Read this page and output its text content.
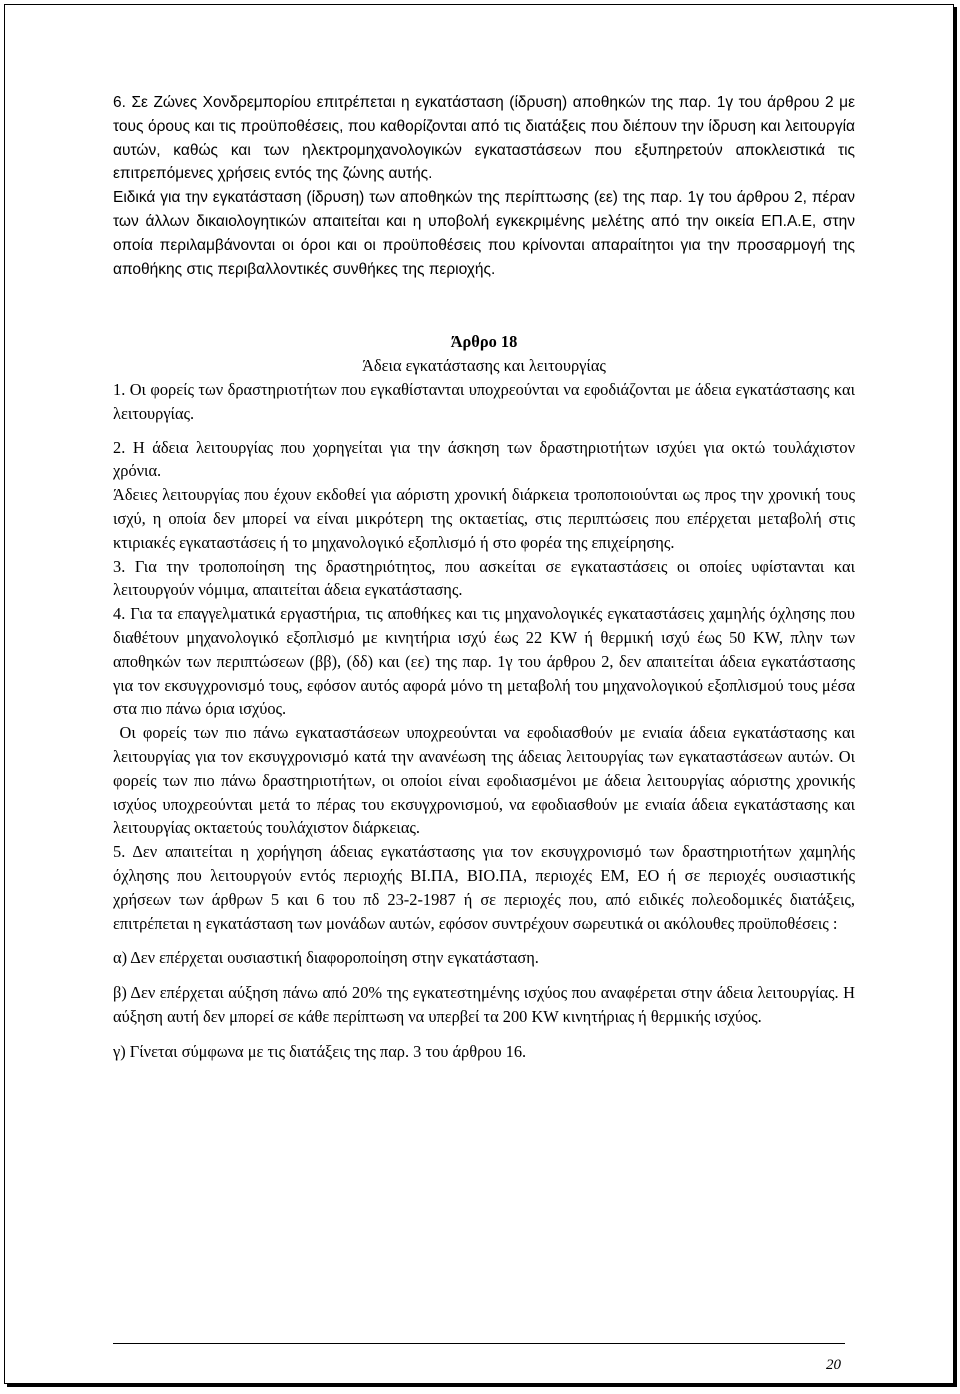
6. Σε Ζώνες Χονδρεμπορίου επιτρέπεται η εγκατάσταση (ίδρυση) αποθηκών της παρ. 1γ του άρθρου 2 με τους όρους και τις προϋποθέσεις, που καθορίζονται από τις διατάξεις που διέπουν την ίδρυση και λειτουργία αυτών, καθώς και των ηλεκτρομηχανολογικών εγκαταστάσεων που εξυπηρετούν αποκλειστικά τις επιτρεπόμενες χρήσεις εντός της ζώνης αυτής.

Ειδικά για την εγκατάσταση (ίδρυση) των αποθηκών της περίπτωσης (εε) της παρ. 1γ του άρθρου 2, πέραν των άλλων δικαιολογητικών απαιτείται και η υποβολή εγκεκριμένης μελέτης από την οικεία ΕΠ.Α.Ε, στην οποία περιλαμβάνονται οι όροι και οι προϋποθέσεις που κρίνονται απαραίτητοι για την προσαρμογή της αποθήκης στις περιβαλλοντικές συνθήκες της περιοχής.

Άρθρο 18

Άδεια εγκατάστασης και λειτουργίας

1. Οι φορείς των δραστηριοτήτων που εγκαθίστανται υποχρεούνται να εφοδιάζονται με άδεια εγκατάστασης και λειτουργίας.

2. Η άδεια λειτουργίας που χορηγείται για την άσκηση των δραστηριοτήτων ισχύει για οκτώ τουλάχιστον χρόνια.

Άδειες λειτουργίας που έχουν εκδοθεί για αόριστη χρονική διάρκεια τροποποιούνται ως προς την χρονική τους ισχύ, η οποία δεν μπορεί να είναι μικρότερη της οκταετίας, στις περιπτώσεις που επέρχεται μεταβολή στις κτιριακές εγκαταστάσεις ή το μηχανολογικό εξοπλισμό ή στο φορέα της επιχείρησης.

3. Για την τροποποίηση της δραστηριότητος, που ασκείται σε εγκαταστάσεις οι οποίες υφίστανται και λειτουργούν νόμιμα, απαιτείται άδεια εγκατάστασης.

4. Για τα επαγγελματικά εργαστήρια, τις αποθήκες και τις μηχανολογικές εγκαταστάσεις χαμηλής όχλησης που διαθέτουν μηχανολογικό εξοπλισμό με κινητήρια ισχύ έως 22 KW ή θερμική ισχύ έως 50 KW, πλην των αποθηκών των περιπτώσεων (ββ), (δδ) και (εε) της παρ. 1γ του άρθρου 2, δεν απαιτείται άδεια εγκατάστασης για τον εκσυγχρονισμό τους, εφόσον αυτός αφορά μόνο τη μεταβολή του μηχανολογικού εξοπλισμού τους μέσα στα πιο πάνω όρια ισχύος.

Οι φορείς των πιο πάνω εγκαταστάσεων υποχρεούνται να εφοδιασθούν με ενιαία άδεια εγκατάστασης και λειτουργίας για τον εκσυγχρονισμό κατά την ανανέωση της άδειας λειτουργίας των εγκαταστάσεων αυτών. Οι φορείς των πιο πάνω δραστηριοτήτων, οι οποίοι είναι εφοδιασμένοι με άδεια λειτουργίας αόριστης χρονικής ισχύος υποχρεούνται μετά το πέρας του εκσυγχρονισμού, να εφοδιασθούν με ενιαία άδεια εγκατάστασης και λειτουργίας οκταετούς τουλάχιστον διάρκειας.

5. Δεν απαιτείται η χορήγηση άδειας εγκατάστασης για τον εκσυγχρονισμό των δραστηριοτήτων χαμηλής όχλησης που λειτουργούν εντός περιοχής ΒΙ.ΠΑ, ΒΙΟ.ΠΑ, περιοχές ΕΜ, ΕΟ ή σε περιοχές ουσιαστικής χρήσεων των άρθρων 5 και 6 του πδ 23-2-1987 ή σε περιοχές που, από ειδικές πολεοδομικές διατάξεις, επιτρέπεται η εγκατάσταση των μονάδων αυτών, εφόσον συντρέχουν σωρευτικά οι ακόλουθες προϋποθέσεις :

α) Δεν επέρχεται ουσιαστική διαφοροποίηση στην εγκατάσταση.

β) Δεν επέρχεται αύξηση πάνω από 20% της εγκατεστημένης ισχύος που αναφέρεται στην άδεια λειτουργίας. Η αύξηση αυτή δεν μπορεί σε κάθε περίπτωση να υπερβεί τα 200 KW κινητήριας ή θερμικής ισχύος.

γ) Γίνεται σύμφωνα με τις διατάξεις της παρ. 3 του άρθρου 16.

20
